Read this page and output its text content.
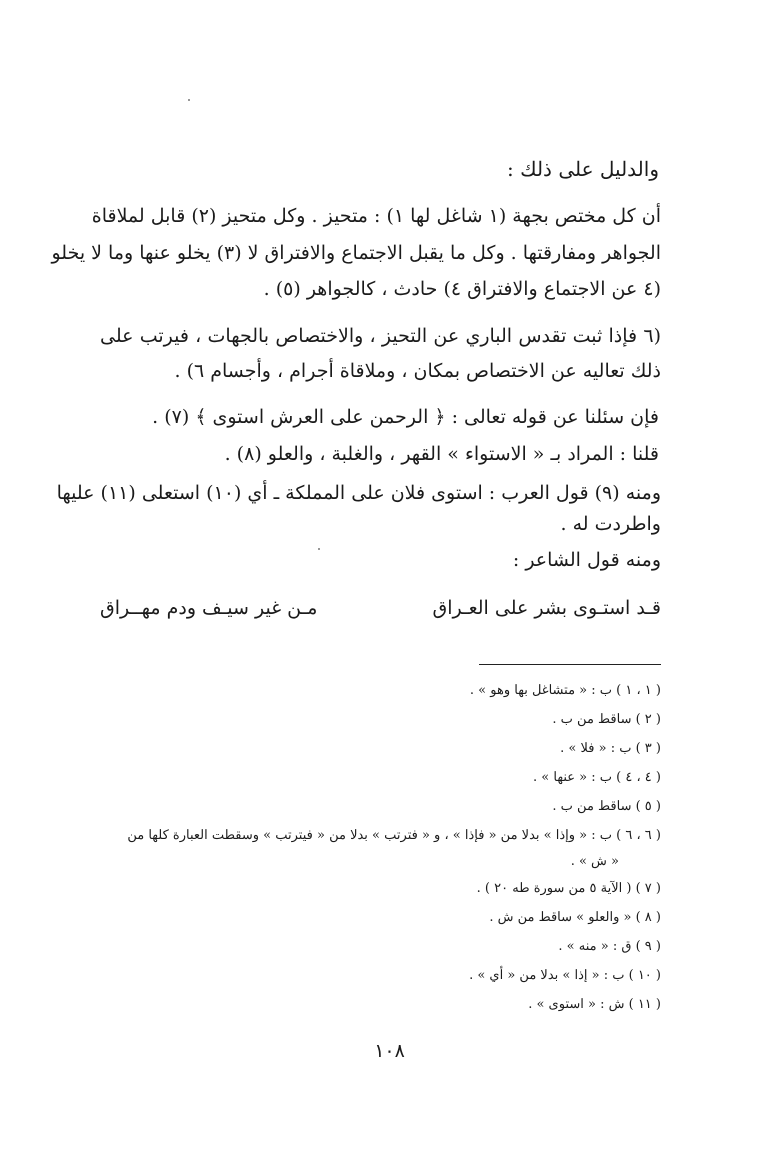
والدليل على ذلك :
أن كل مختص بجهة (١ شاغل لها ١) : متحيز . وكل متحيز (٢) قابل لملاقاة
الجواهر ومفارقتها . وكل ما يقبل الاجتماع والافتراق لا (٣) يخلو عنها وما لا يخلو
(٤ عن الاجتماع والافتراق ٤) حادث ، كالجواهر (٥) .
(٦ فإذا ثبت تقدس الباري عن التحيز ، والاختصاص بالجهات ، فيرتب على
ذلك تعاليه عن الاختصاص بمكان ، وملاقاة أجرام ، وأجسام ٦) .
فإن سئلنا عن قوله تعالى : ﴿ الرحمن على العرش استوى ﴾ (٧) .
قلنا : المراد بـ « الاستواء » القهر ، والغلبة ، والعلو (٨) .
ومنه (٩) قول العرب : استوى فلان على المملكة ـ أي (١٠) استعلى (١١) عليها
واطردت له .
ومنه قول الشاعر :
قـد استـوى بشر على العـراق
مـن غير سيـف ودم مهــراق
( ١ ، ١ ) ب : « متشاغل بها وهو » .
( ٢ ) ساقط من ب .
( ٣ ) ب : « فلا » .
( ٤ ، ٤ ) ب : « عنها » .
( ٥ ) ساقط من ب .
( ٦ ، ٦ ) ب : « وإذا » بدلا من « فإذا » ، و « فترتب » بدلا من « فيترتب » وسقطت العبارة كلها من
« ش » .
( ٧ ) ( الآية ٥ من سورة طه ٢٠ ) .
( ٨ ) « والعلو » ساقط من ش .
( ٩ ) ق : « منه » .
( ١٠ ) ب : « إذا » بدلا من « أي » .
( ١١ ) ش : « استوى » .
١٠٨
